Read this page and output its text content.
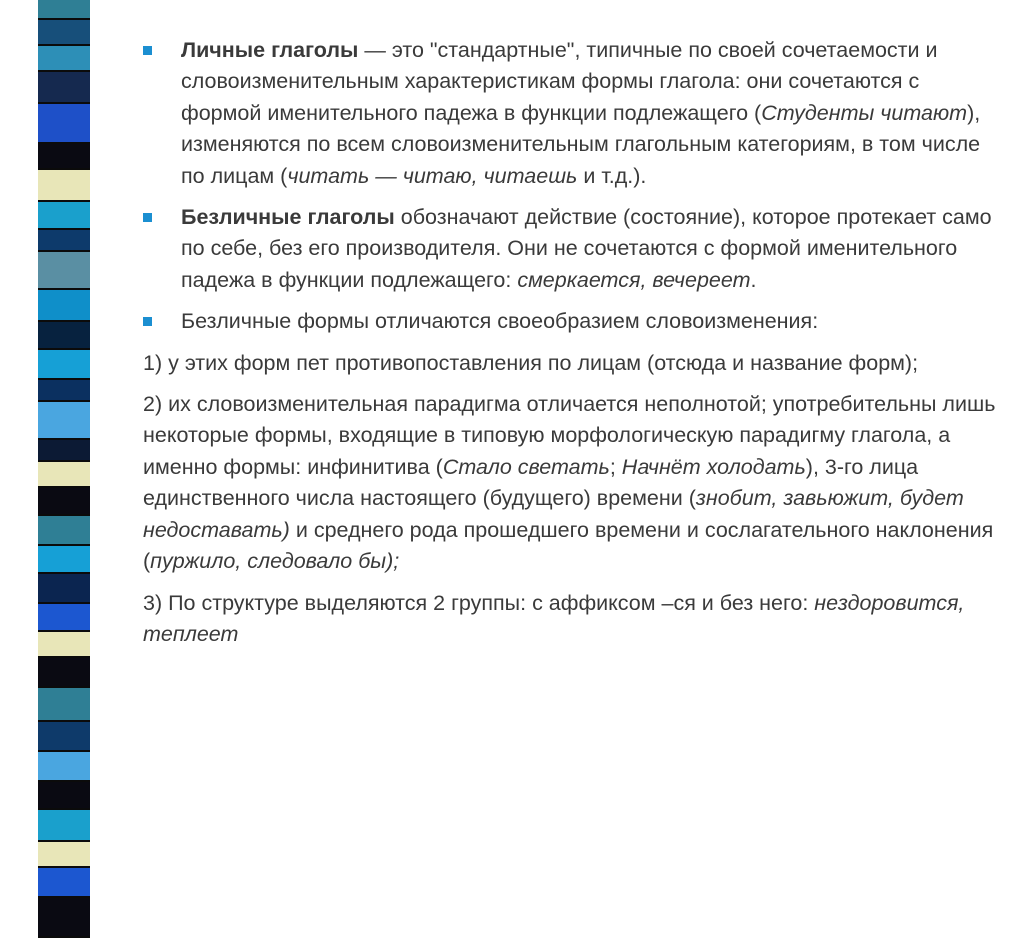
Личные глаголы — это "стандартные", типичные по своей сочетаемости и словоизменительным характеристикам формы глагола: они сочетаются с формой именительного падежа в функции подлежащего (Студенты читают), изменяются по всем словоизменительным глагольным категориям, в том числе по лицам (читать — читаю, читаешь и т.д.).
Безличные глаголы обозначают действие (состояние), которое протекает само по себе, без его производителя. Они не сочетаются с формой именительного падежа в функции подлежащего: смеркается, вечереет.
Безличные формы отличаются своеобразием словоизменения:
1) у этих форм пет противопоставления по лицам (отсюда и название форм);
2) их словоизменительная парадигма отличается неполнотой; употребительны лишь некоторые формы, входящие в типовую морфологическую парадигму глагола, а именно формы: инфинитива (Стало светать; Начнёт холодать), 3-го лица единственного числа настоящего (будущего) времени (знобит, завьюжит, будет недоставать) и среднего рода прошедшего времени и сослагательного наклонения (пуржило, следовало бы);
3) По структуре выделяются 2 группы: с аффиксом –ся и без него: нездоровится, теплеет
